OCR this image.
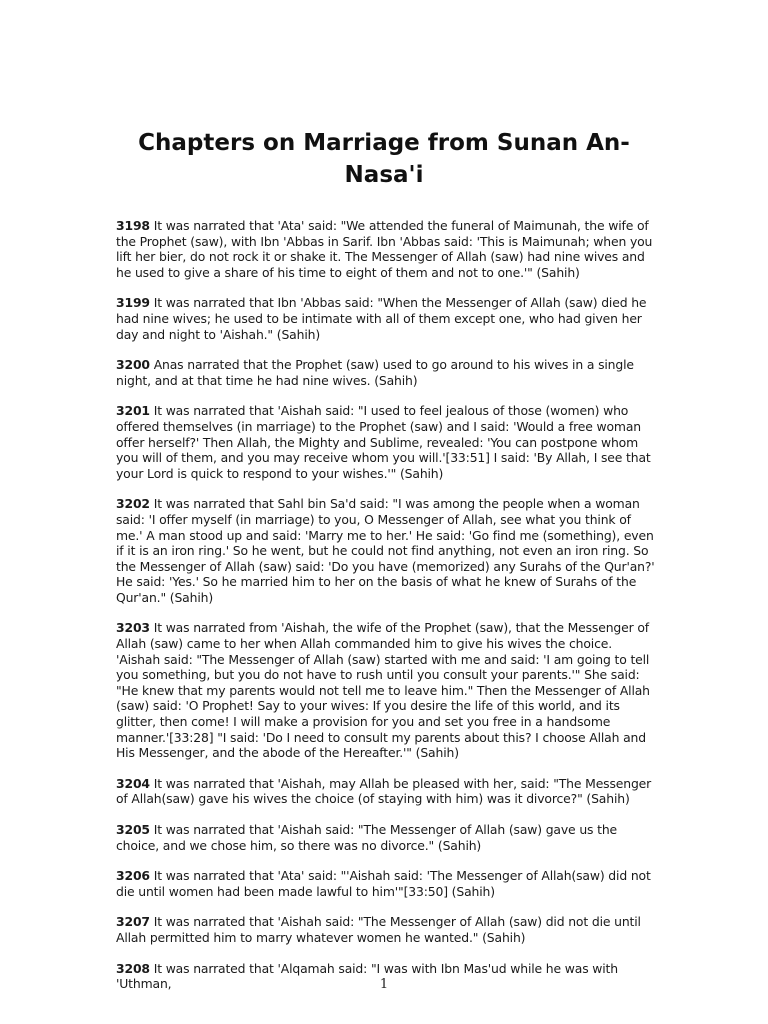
Chapters on Marriage from Sunan An-Nasa'i

3198 It was narrated that 'Ata' said: "We attended the funeral of Maimunah, the wife of the Prophet (saw), with Ibn 'Abbas in Sarif. Ibn 'Abbas said: 'This is Maimunah; when you lift her bier, do not rock it or shake it. The Messenger of Allah (saw) had nine wives and he used to give a share of his time to eight of them and not to one.'" (Sahih)

3199 It was narrated that Ibn 'Abbas said: "When the Messenger of Allah (saw) died he had nine wives; he used to be intimate with all of them except one, who had given her day and night to 'Aishah." (Sahih)

3200 Anas narrated that the Prophet (saw) used to go around to his wives in a single night, and at that time he had nine wives. (Sahih)

3201 It was narrated that 'Aishah said: "I used to feel jealous of those (women) who offered themselves (in marriage) to the Prophet (saw) and I said: 'Would a free woman offer herself?' Then Allah, the Mighty and Sublime, revealed: 'You can postpone whom you will of them, and you may receive whom you will.'[33:51] I said: 'By Allah, I see that your Lord is quick to respond to your wishes.'" (Sahih)

3202 It was narrated that Sahl bin Sa'd said: "I was among the people when a woman said: 'I offer myself (in marriage) to you, O Messenger of Allah, see what you think of me.' A man stood up and said: 'Marry me to her.' He said: 'Go find me (something), even if it is an iron ring.' So he went, but he could not find anything, not even an iron ring. So the Messenger of Allah (saw) said: 'Do you have (memorized) any Surahs of the Qur'an?' He said: 'Yes.' So he married him to her on the basis of what he knew of Surahs of the Qur'an." (Sahih)

3203 It was narrated from 'Aishah, the wife of the Prophet (saw), that the Messenger of Allah (saw) came to her when Allah commanded him to give his wives the choice. 'Aishah said: "The Messenger of Allah (saw) started with me and said: 'I am going to tell you something, but you do not have to rush until you consult your parents.'" She said: "He knew that my parents would not tell me to leave him." Then the Messenger of Allah (saw) said: 'O Prophet! Say to your wives: If you desire the life of this world, and its glitter, then come! I will make a provision for you and set you free in a handsome manner.'[33:28] "I said: 'Do I need to consult my parents about this? I choose Allah and His Messenger, and the abode of the Hereafter.'" (Sahih)

3204 It was narrated that 'Aishah, may Allah be pleased with her, said: "The Messenger of Allah(saw) gave his wives the choice (of staying with him) was it divorce?" (Sahih)

3205 It was narrated that 'Aishah said: "The Messenger of Allah (saw) gave us the choice, and we chose him, so there was no divorce." (Sahih)

3206 It was narrated that 'Ata' said: "'Aishah said: 'The Messenger of Allah(saw) did not die until women had been made lawful to him'"[33:50] (Sahih)

3207 It was narrated that 'Aishah said: "The Messenger of Allah (saw) did not die until Allah permitted him to marry whatever women he wanted." (Sahih)

3208 It was narrated that 'Alqamah said: "I was with Ibn Mas'ud while he was with 'Uthman,	1
